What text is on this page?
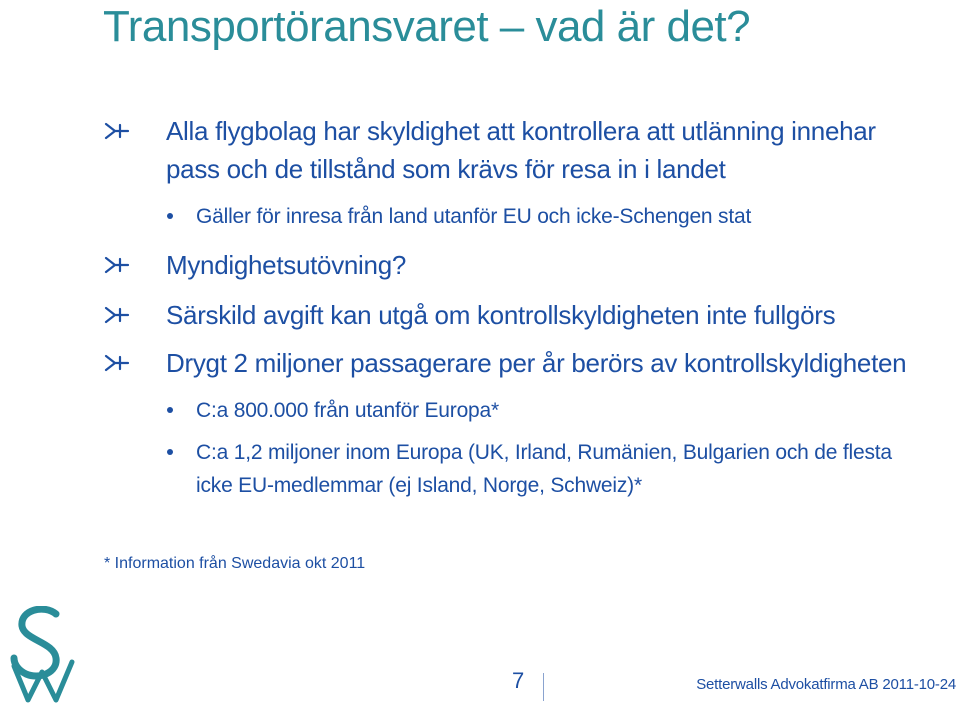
Transportöransvaret – vad är det?
Alla flygbolag har skyldighet att kontrollera att utlänning innehar
pass och de tillstånd som krävs för resa in i landet
Gäller för inresa från land utanför EU och icke-Schengen stat
Myndighetsutövning?
Särskild avgift kan utgå om kontrollskyldigheten inte fullgörs
Drygt 2 miljoner passagerare per år berörs av kontrollskyldigheten
C:a 800.000 från utanför Europa*
C:a 1,2 miljoner inom Europa (UK, Irland, Rumänien, Bulgarien och de flesta
icke EU-medlemmar (ej Island, Norge, Schweiz)*

* Information från Swedavia okt 2011

7	Setterwalls Advokatfirma AB 2011-10-24
